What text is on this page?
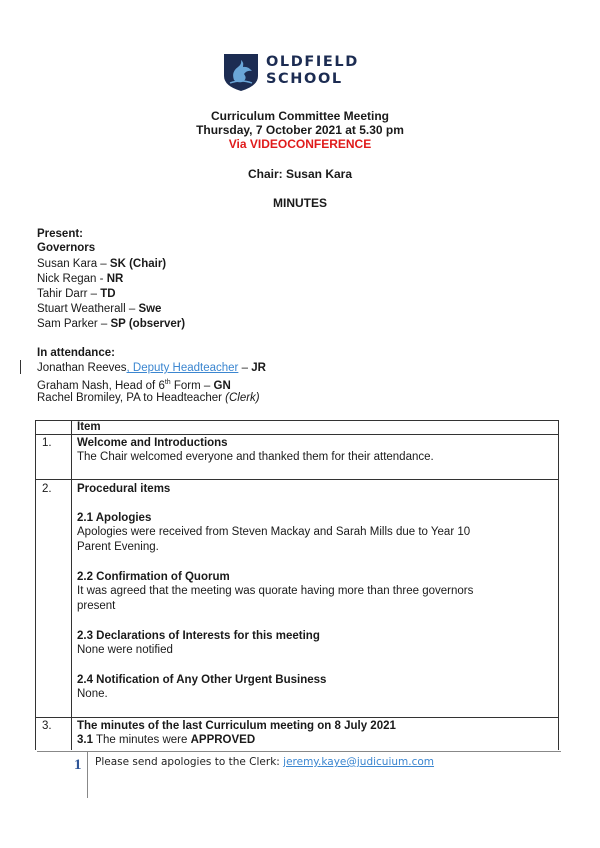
OLDFIELD
SCHOOL
Curriculum Committee Meeting
Thursday, 7 October 2021 at 5.30 pm
Via VIDEOCONFERENCE
Chair: Susan Kara
MINUTES
Present:
Governors
Susan Kara – SK (Chair)
Nick Regan - NR
Tahir Darr – TD
Stuart Weatherall – Swe
Sam Parker – SP (observer)
In attendance:
Jonathan Reeves, Deputy Headteacher – JR
Graham Nash, Head of 6th Form – GN
Rachel Bromiley, PA to Headteacher (Clerk)
Item
1. Welcome and Introductions
The Chair welcomed everyone and thanked them for their attendance.
2. Procedural items
2.1 Apologies
Apologies were received from Steven Mackay and Sarah Mills due to Year 10
Parent Evening.
2.2 Confirmation of Quorum
It was agreed that the meeting was quorate having more than three governors
present
2.3 Declarations of Interests for this meeting
None were notified
2.4 Notification of Any Other Urgent Business
None.
3. The minutes of the last Curriculum meeting on 8 July 2021
3.1 The minutes were APPROVED
1 Please send apologies to the Clerk: jeremy.kaye@judicuium.com
